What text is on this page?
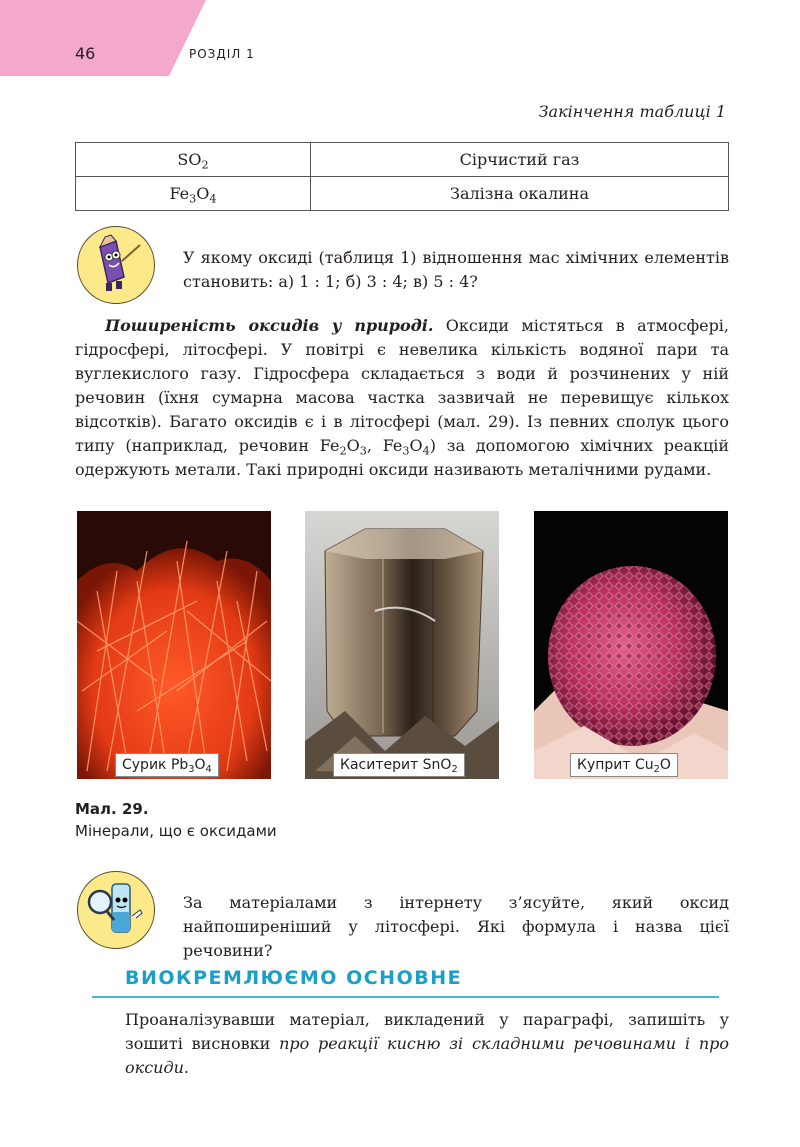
46	РОЗДІЛ 1
Закінчення таблиці 1
$SO_2$	Сірчистий газ
$Fe_3O_4$	Залізна окалина
У якому оксиді (таблиця 1) відношення мас хімічних елементів становить: а) 1 : 1; б) 3 : 4; в) 5 : 4?

Поширеність оксидів у природі. Оксиди містяться в атмосфері, гідросфері, літосфері. У повітрі є невелика кількість водяної пари та вуглекислого газу. Гідросфера складається з води й розчинених у ній речовин (їхня сумарна масова частка зазвичай не перевищує кількох відсотків). Багато оксидів є і в літосфері (мал. 29). Із певних сполук цього типу (наприклад, речовин $Fe_2O_3$, $Fe_3O_4$) за допомогою хімічних реакцій одержують метали. Такі природні оксиди називають металічними рудами.

Сурик $Pb_3O_4$	Каситерит SnO$_2$	Куприт $Cu_2O$
Мал. 29.
Мінерали, що є оксидами
За матеріалами з інтернету з’ясуйте, який оксид найпоширеніший у літосфері. Які формула і назва цієї речовини?
ВИОКРЕМЛЮЄМО ОСНОВНЕ

Проаналізувавши матеріал, викладений у параграфі, запишіть у зошиті висновки про реакції кисню зі складними речовинами і про оксиди.
